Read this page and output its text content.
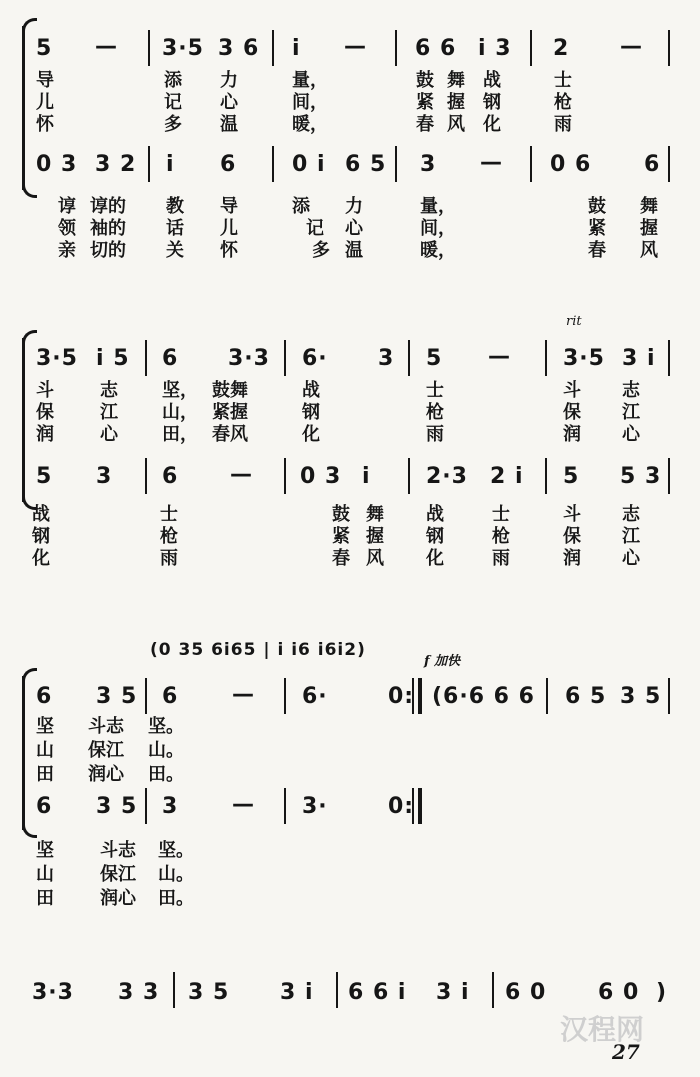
5 — 3·5 3 6 i — 6 6 i 3 2 —
导	添 力	量，	鼓 舞 战	士
儿	记 心	间，	紧 握 钢	枪
怀	多 温	暖，	春 风 化	雨
0 3 3 2 i 6	0 i 6 5 3 — 0 6 6
谆 谆的 教 导	添 力	量，	鼓 舞
领 袖的 话 儿	记 心	间，	紧 握
亲 切的 关 怀	多 温	暖，	春 风
rit
3·5 i 5 6 3·3 6· 3 5 — 3·5 3 i
斗	志 坚， 鼓舞	战	士	斗 志
保	江 山， 紧握	钢	枪	保 江
润	心 田， 春风	化	雨	润 心
5 3 6 — 0 3 i	2·3 2 i 5 5 3
战	士	鼓 舞 战	士	斗 志
钢	枪	紧 握 钢	枪	保 江
化	雨	春 风 化	雨	润 心
(0 35 6i65 | i i6 i6i2)
f 加快
6 3 5 6 — 6·	0: (6·6 6 6 6 5 3 5
坚 斗志 坚。
山 保江 山。
田 润心 田。
6 3 5 3 — 3·	0:
坚	斗志 坚。
山	保江 山。
田	润心 田。
3·3 3 3 3 5 3 i 6 6 i 3 i 6 0 6 0 )
汉程网
27
